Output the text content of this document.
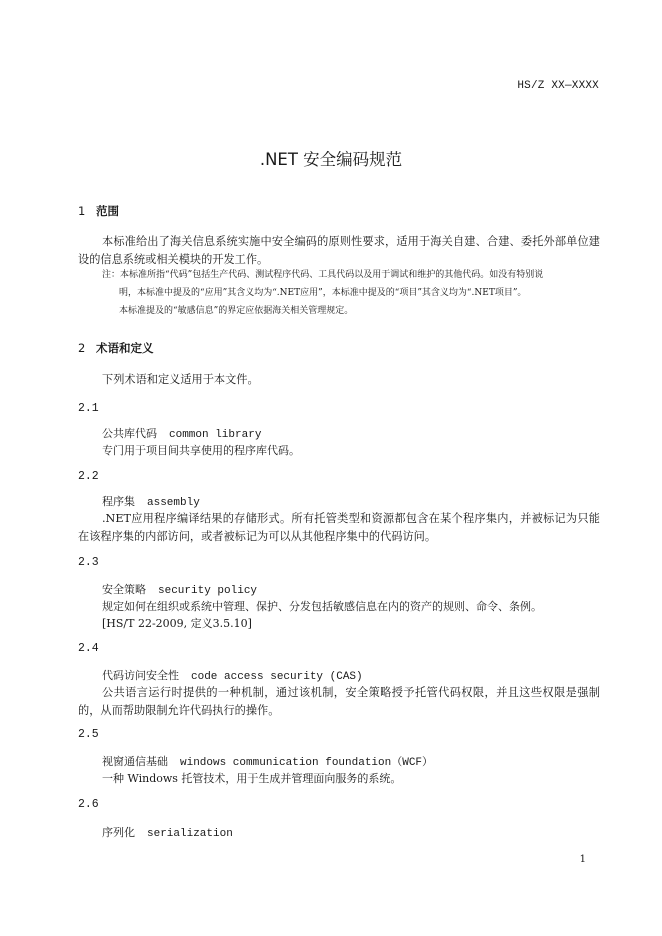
HS/Z XX—XXXX
.NET 安全编码规范
1 范围
本标准给出了海关信息系统实施中安全编码的原则性要求，适用于海关自建、合建、委托外部单位建设的信息系统或相关模块的开发工作。
注：本标准所指“代码”包括生产代码、测试程序代码、工具代码以及用于调试和维护的其他代码。如没有特别说
明，本标准中提及的“应用”其含义均为“.NET应用”，本标准中提及的“项目”其含义均为“.NET项目”。
本标准提及的“敏感信息”的界定应依据海关相关管理规定。
2 术语和定义
下列术语和定义适用于本文件。
2.1
公共库代码 common library
专门用于项目间共享使用的程序库代码。
2.2
程序集 assembly
.NET应用程序编译结果的存储形式。所有托管类型和资源都包含在某个程序集内，并被标记为只能在该程序集的内部访问，或者被标记为可以从其他程序集中的代码访问。
2.3
安全策略 security policy
规定如何在组织或系统中管理、保护、分发包括敏感信息在内的资产的规则、命令、条例。
[HS/T 22-2009, 定义3.5.10]
2.4
代码访问安全性 code access security (CAS)
公共语言运行时提供的一种机制，通过该机制，安全策略授予托管代码权限，并且这些权限是强制的，从而帮助限制允许代码执行的操作。
2.5
视窗通信基础 windows communication foundation（WCF）
一种 Windows 托管技术，用于生成并管理面向服务的系统。
2.6
序列化 serialization
1
